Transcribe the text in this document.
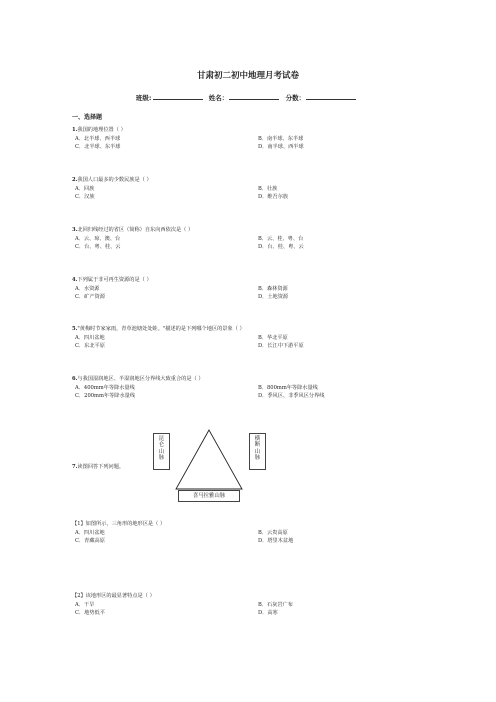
甘肃初二初中地理月考试卷
班级:	姓名：	分数：
一、选择题
1.我国的地理位置（ ）
A．北半球、西半球	B．南半球、东半球
C．北半球、东半球	D．南半球、西半球
2.我国人口最多的少数民族是（ ）
A．回族	B．壮族
C．汉族	D．维吾尔族
3.北回归线经过的省区（简称）自东向西依次是（ ）
A．云、琼、澳、台	B．云、桂、粤、台
C．台、粤、桂、云	D．台、桂、粤、云
4.下列属于非可再生资源的是（ ）
A．水资源	B．森林资源
C．矿产资源	D．土地资源
5."黄梅时节家家雨，青草池塘处处蛙。"描述的是下列哪个地区的景象（ ）
A．四川盆地	B．华北平原
C．东北平原	D．长江中下游平原
6.与我国湿润地区、半湿润地区分界线大致重合的是（ ）
A．400mm年等降水量线	B．800mm年等降水量线
C．200mm年等降水量线	D．季风区、非季风区分界线
7.读图回答下列问题。
昆仑山脉
横断山脉
喜马拉雅山脉
【1】如图所示，三角形的地形区是（ ）
A．四川盆地	B．云贵高原
C．青藏高原	D．塔里木盆地
【2】该地形区的最显著特点是（ ）
A．干旱	B．石灰岩广布
C．地势低平	D．高寒
